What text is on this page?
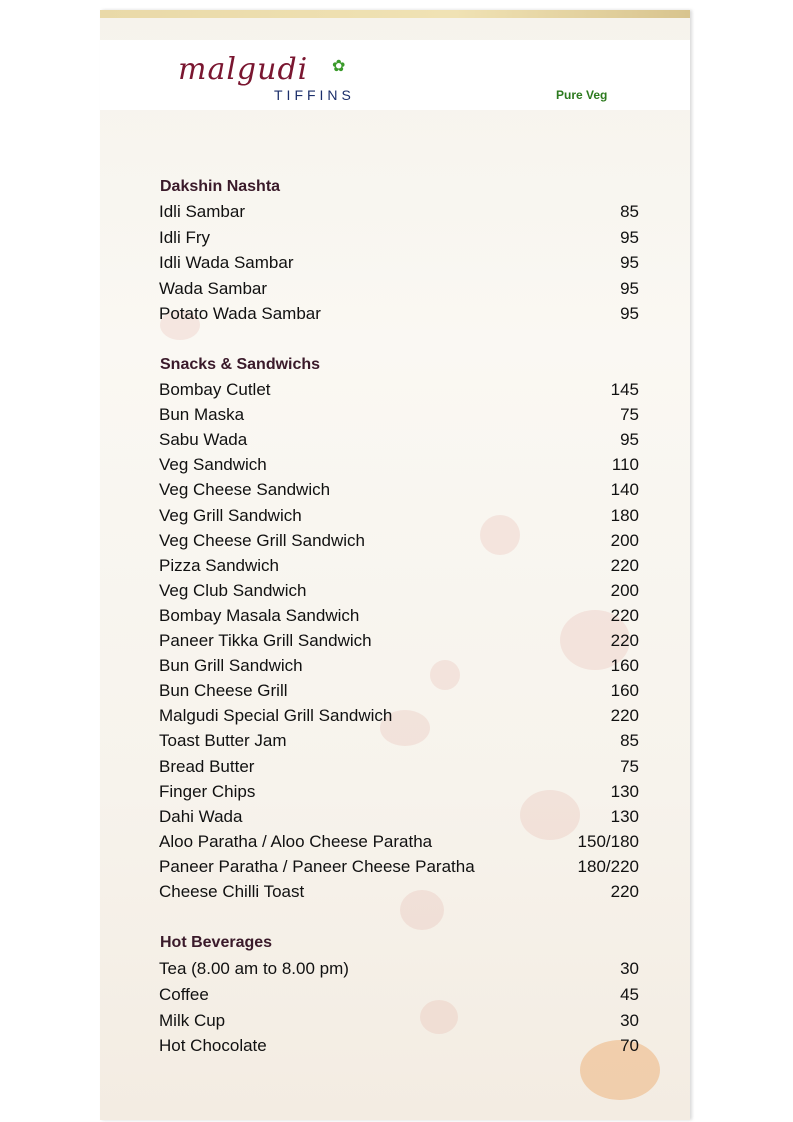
malgudi ✿
TIFFINS	Pure Veg
Dakshin Nashta
Idli Sambar	85
Idli Fry	95
Idli Wada Sambar	95
Wada Sambar	95
Potato Wada Sambar	95
Snacks & Sandwichs
Bombay Cutlet	145
Bun Maska	75
Sabu Wada	95
Veg Sandwich	110
Veg Cheese Sandwich	140
Veg Grill Sandwich	180
Veg Cheese Grill Sandwich	200
Pizza Sandwich	220
Veg Club Sandwich	200
Bombay Masala Sandwich	220
Paneer Tikka Grill Sandwich	220
Bun Grill Sandwich	160
Bun Cheese Grill	160
Malgudi Special Grill Sandwich	220
Toast Butter Jam	85
Bread Butter	75
Finger Chips	130
Dahi Wada	130
Aloo Paratha / Aloo Cheese Paratha	150/180
Paneer Paratha / Paneer Cheese Paratha	180/220
Cheese Chilli Toast	220
Hot Beverages
Tea (8.00 am to 8.00 pm)	30
Coffee	45
Milk Cup	30
Hot Chocolate	70
